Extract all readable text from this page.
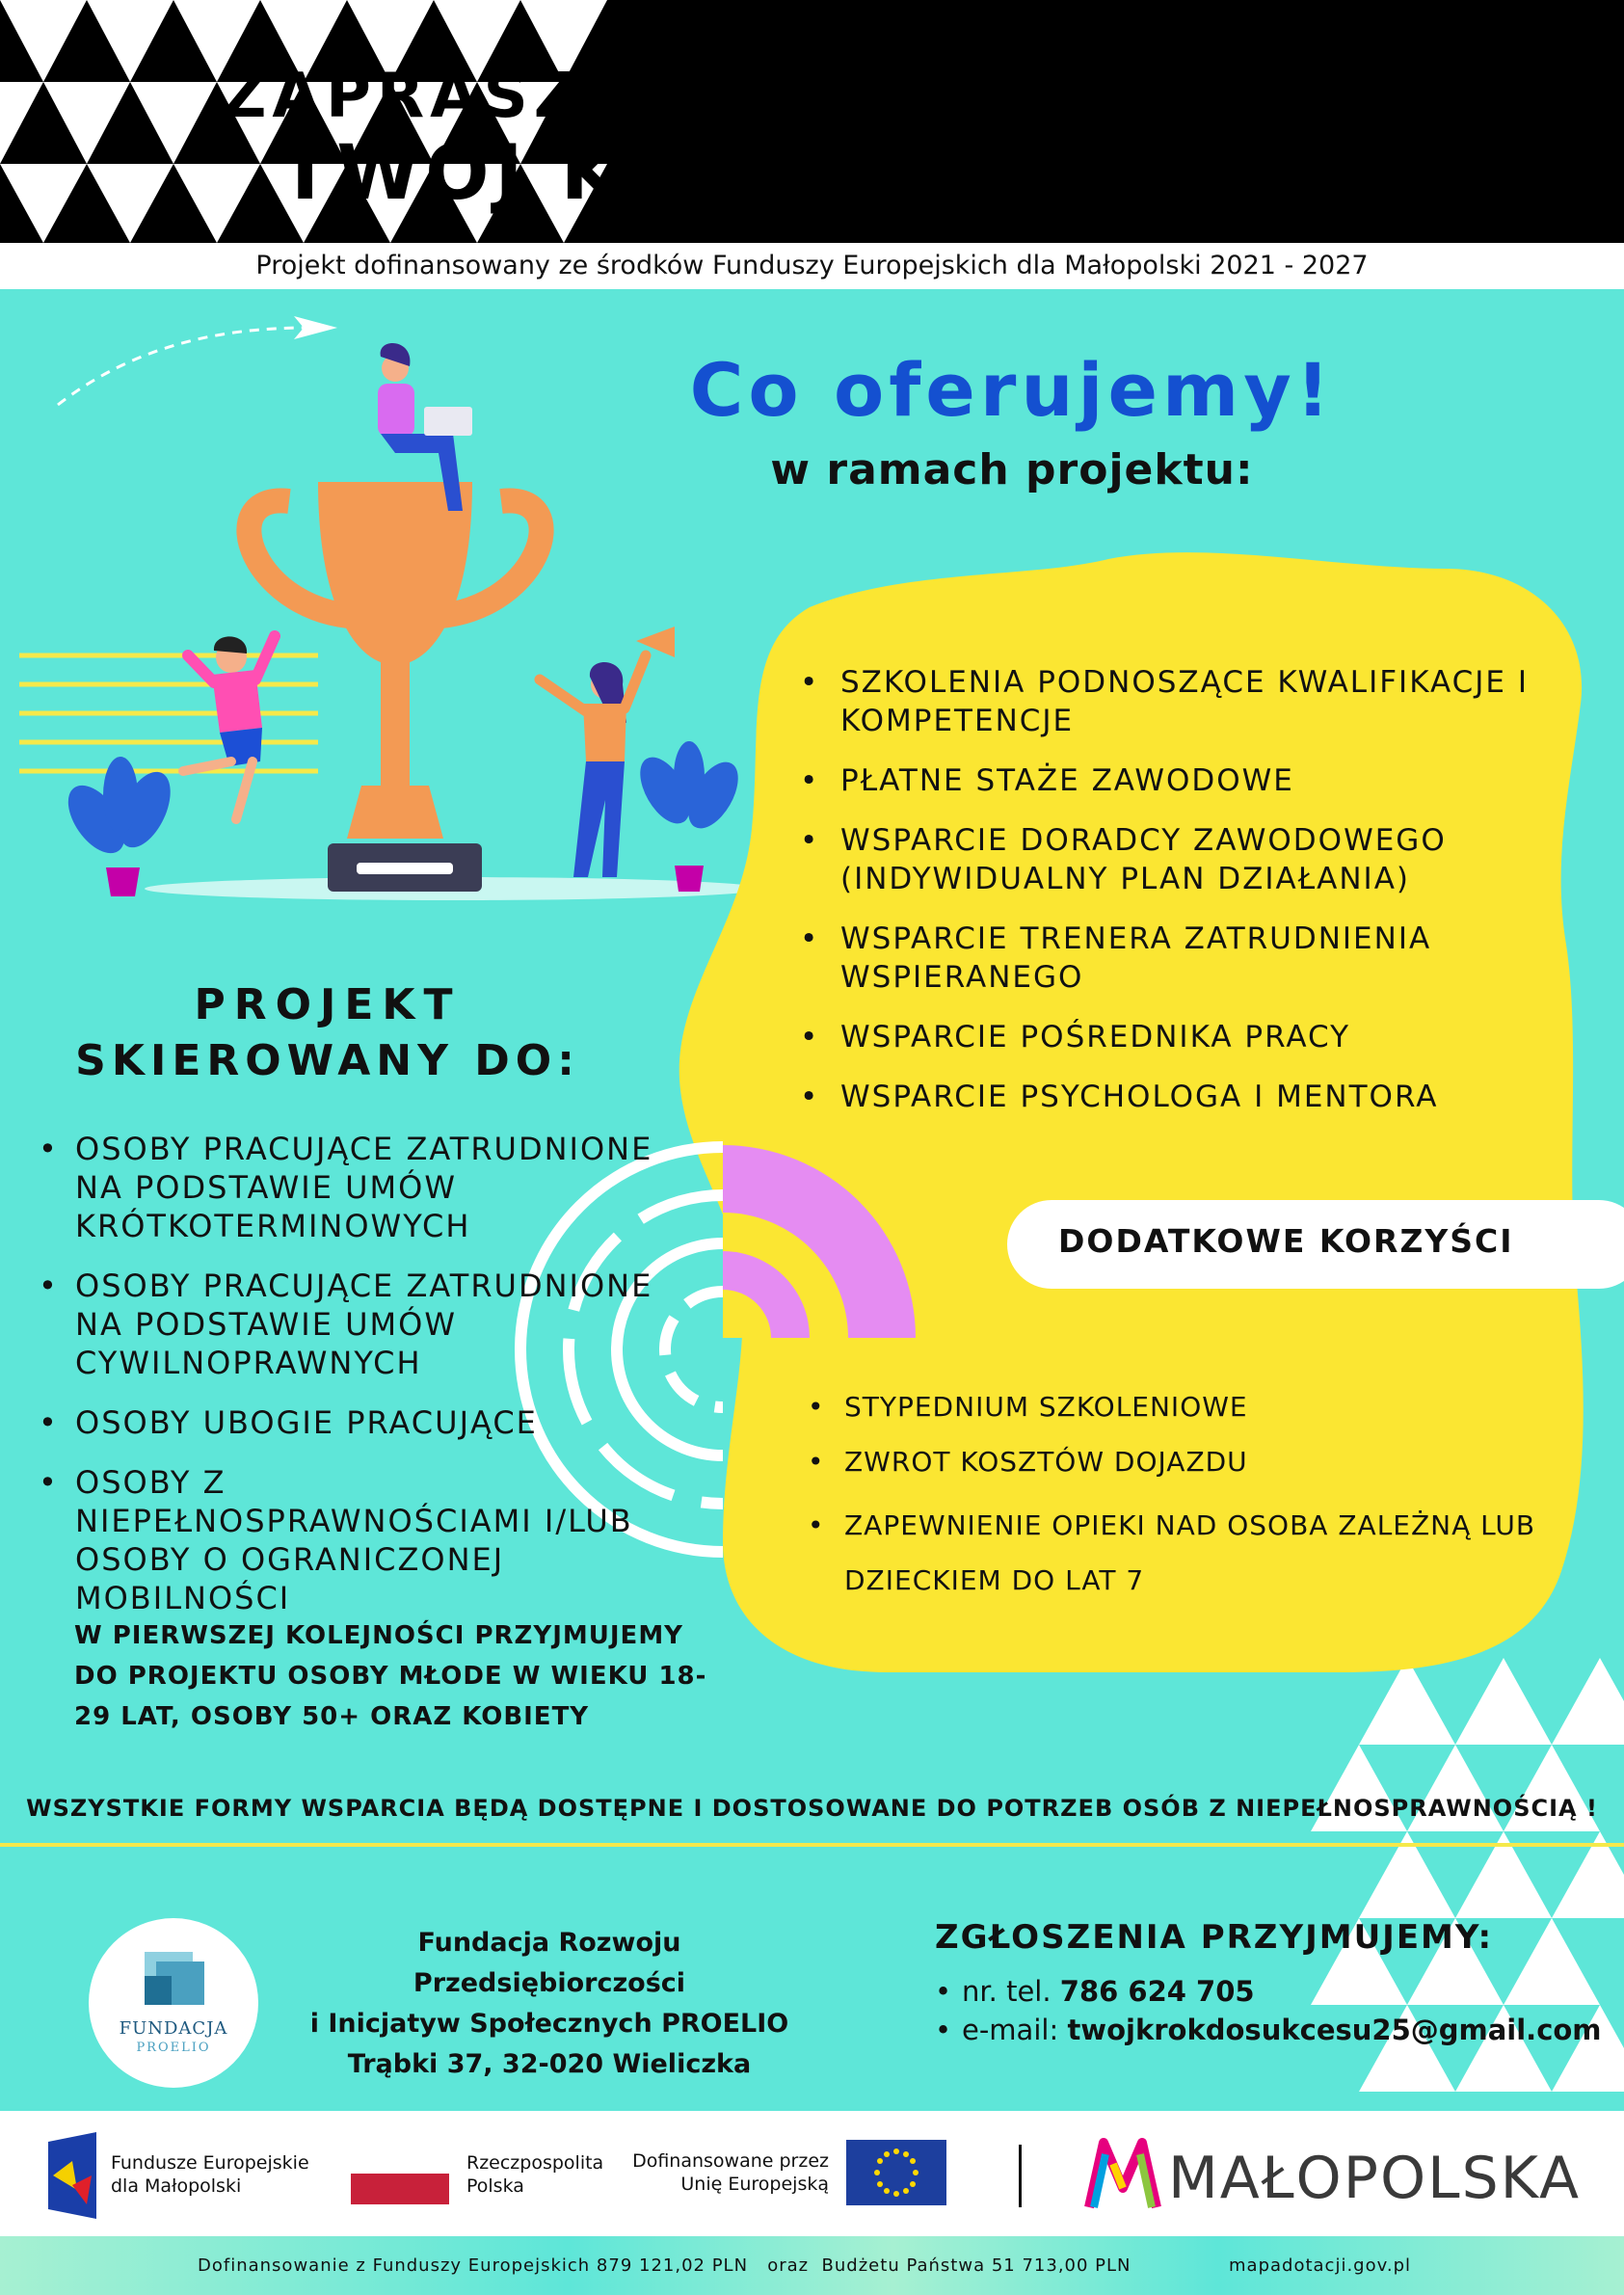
ZAPRASZAMY
TWÓJ KR
Projekt dofinansowany ze środków Funduszy Europejskich dla Małopolski 2021 - 2027
Co oferujemy!
w ramach projektu:
• SZKOLENIA PODNOSZĄCE KWALIFIKACJE I KOMPETENCJE
• PŁATNE STAŻE ZAWODOWE
• WSPARCIE DORADCY ZAWODOWEGO (INDYWIDUALNY PLAN DZIAŁANIA)
• WSPARCIE TRENERA ZATRUDNIENIA WSPIERANEGO
• WSPARCIE POŚREDNIKA PRACY
• WSPARCIE PSYCHOLOGA I MENTORA
DODATKOWE KORZYŚCI
• STYPEDNIUM SZKOLENIOWE
• ZWROT KOSZTÓW DOJAZDU
• ZAPEWNIENIE OPIEKI NAD OSOBA ZALEŻNĄ LUB DZIECKIEM DO LAT 7
PROJEKT
SKIEROWANY DO:
• OSOBY PRACUJĄCE ZATRUDNIONE NA PODSTAWIE UMÓW KRÓTKOTERMINOWYCH
• OSOBY PRACUJĄCE ZATRUDNIONE NA PODSTAWIE UMÓW CYWILNOPRAWNYCH
• OSOBY UBOGIE PRACUJĄCE
• OSOBY Z NIEPEŁNOSPRAWNOŚCIAMI I/LUB OSOBY O OGRANICZONEJ MOBILNOŚCI
W PIERWSZEJ KOLEJNOŚCI PRZYJMUJEMY DO PROJEKTU OSOBY MŁODE W WIEKU 18-29 LAT, OSOBY 50+ ORAZ KOBIETY
WSZYSTKIE FORMY WSPARCIA BĘDĄ DOSTĘPNE I DOSTOSOWANE DO POTRZEB OSÓB Z NIEPEŁNOSPRAWNOŚCIĄ !
FUNDACJA
PROELIO
Fundacja Rozwoju Przedsiębiorczości
i Inicjatyw Społecznych PROELIO
Trąbki 37, 32-020 Wieliczka
ZGŁOSZENIA PRZYJMUJEMY:
• nr. tel. 786 624 705
• e-mail: twojkrokdosukcesu25@gmail.com
Fundusze Europejskie
dla Małopolski
Rzeczpospolita
Polska
Dofinansowane przez
Unię Europejską	MAŁOPOLSKA
Dofinansowanie z Funduszy Europejskich 879 121,02 PLN   oraz  Budżetu Państwa 51 713,00 PLN	mapadotacji.gov.pl
